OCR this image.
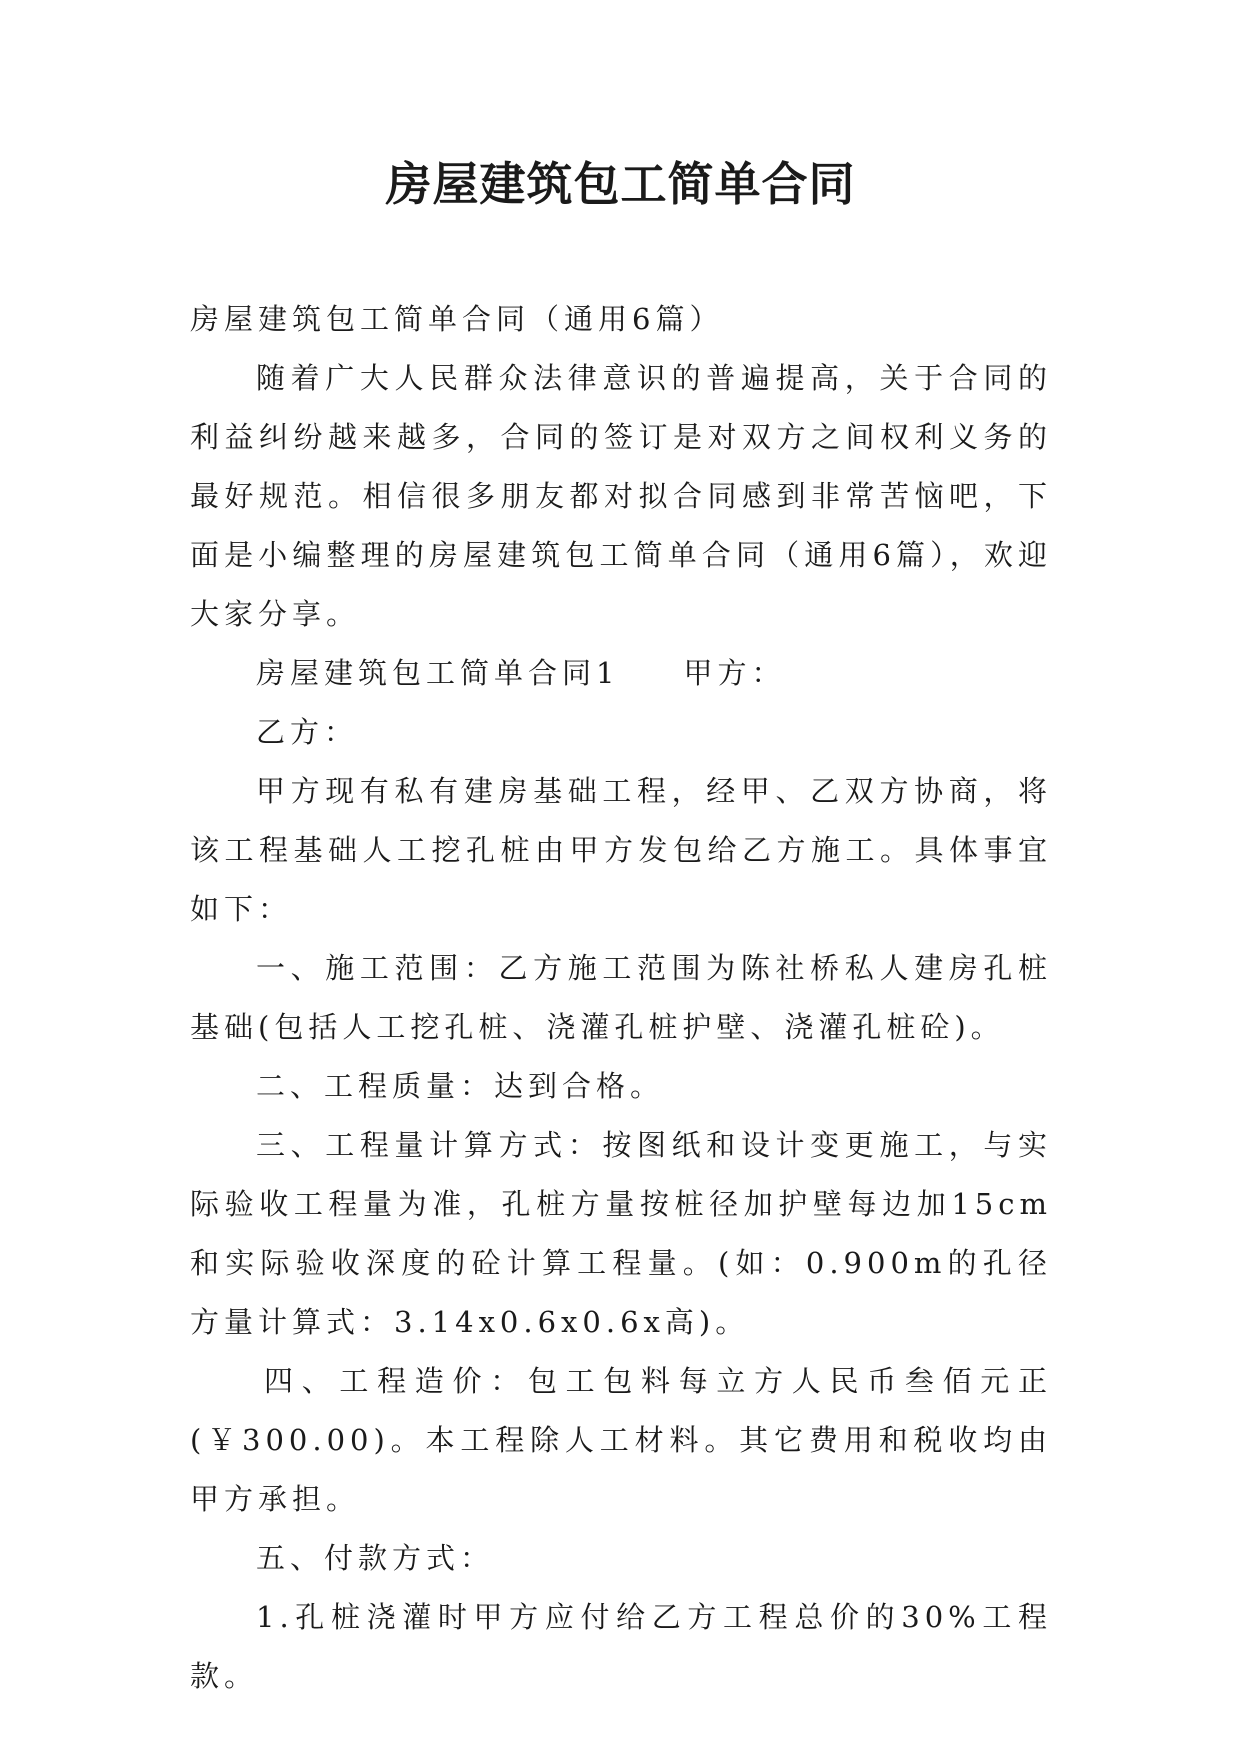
房屋建筑包工简单合同

房屋建筑包工简单合同（通用6篇）

随着广大人民群众法律意识的普遍提高，关于合同的利益纠纷越来越多，合同的签订是对双方之间权利义务的最好规范。相信很多朋友都对拟合同感到非常苦恼吧，下面是小编整理的房屋建筑包工简单合同（通用6篇），欢迎大家分享。

房屋建筑包工简单合同1 甲方：

乙方：

甲方现有私有建房基础工程，经甲、乙双方协商，将该工程基础人工挖孔桩由甲方发包给乙方施工。具体事宜如下：

一、施工范围：乙方施工范围为陈社桥私人建房孔桩基础(包括人工挖孔桩、浇灌孔桩护壁、浇灌孔桩砼)。

二、工程质量：达到合格。

三、工程量计算方式：按图纸和设计变更施工，与实际验收工程量为准，孔桩方量按桩径加护壁每边加15cm和实际验收深度的砼计算工程量。(如：0.900m的孔径方量计算式：3.14x0.6x0.6x高)。

四、工程造价：包工包料每立方人民币叁佰元正(￥300.00)。本工程除人工材料。其它费用和税收均由甲方承担。

五、付款方式：

1.孔桩浇灌时甲方应付给乙方工程总价的30%工程款。
